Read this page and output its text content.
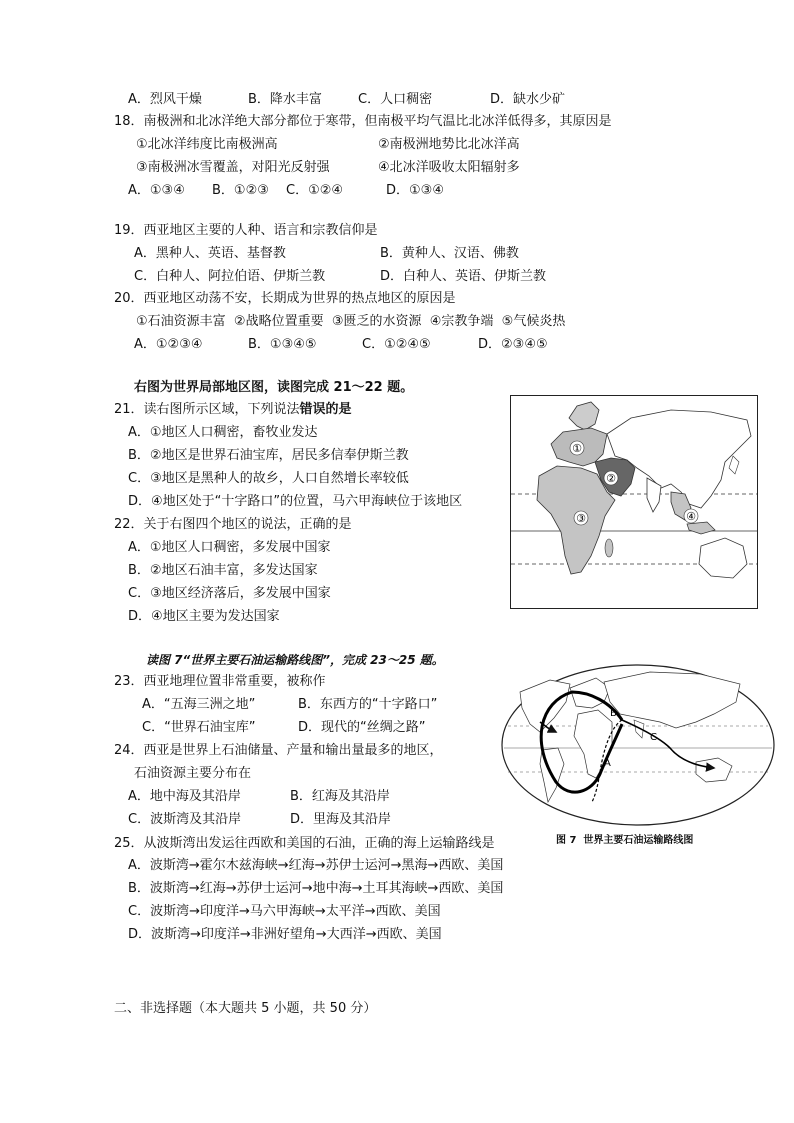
A．烈风干燥	B．降水丰富	C．人口稠密	D．缺水少矿
18．南极洲和北冰洋绝大部分都位于寒带，但南极平均气温比北冰洋低得多，其原因是
①北冰洋纬度比南极洲高	②南极洲地势比北冰洋高
③南极洲冰雪覆盖，对阳光反射强	④北冰洋吸收太阳辐射多
A．①③④ B．①②③ C．①②④	D．①③④
19．西亚地区主要的人种、语言和宗教信仰是
A．黑种人、英语、基督教	B．黄种人、汉语、佛教
C．白种人、阿拉伯语、伊斯兰教	D．白种人、英语、伊斯兰教
20．西亚地区动荡不安，长期成为世界的热点地区的原因是
①石油资源丰富  ②战略位置重要  ③匮乏的水资源  ④宗教争端  ⑤气候炎热
A．①②③④	B．①③④⑤	C．①②④⑤	D．②③④⑤
右图为世界局部地区图，读图完成 21～22 题。
21．读右图所示区域，下列说法错误的是
A．①地区人口稠密，畜牧业发达
B．②地区是世界石油宝库，居民多信奉伊斯兰教
C．③地区是黑种人的故乡，人口自然增长率较低
D．④地区处于“十字路口”的位置，马六甲海峡位于该地区
22．关于右图四个地区的说法，正确的是
A．①地区人口稠密，多发展中国家
B．②地区石油丰富，多发达国家
C．③地区经济落后，多发展中国家
D．④地区主要为发达国家
①
②
③	④
读图 7“世界主要石油运输路线图”，完成 23～25 题。
23．西亚地理位置非常重要，被称作
A．“五海三洲之地”	B．东西方的“十字路口”
C．“世界石油宝库”	D．现代的“丝绸之路”
24．西亚是世界上石油储量、产量和输出量最多的地区，
石油资源主要分布在
A．地中海及其沿岸	B．红海及其沿岸
C．波斯湾及其沿岸	D．里海及其沿岸
B
A
C
图 7  世界主要石油运输路线图
25．从波斯湾出发运往西欧和美国的石油，正确的海上运输路线是
A．波斯湾→霍尔木兹海峡→红海→苏伊士运河→黑海→西欧、美国
B．波斯湾→红海→苏伊士运河→地中海→土耳其海峡→西欧、美国
C．波斯湾→印度洋→马六甲海峡→太平洋→西欧、美国
D．波斯湾→印度洋→非洲好望角→大西洋→西欧、美国
二、非选择题（本大题共 5 小题，共 50 分）
